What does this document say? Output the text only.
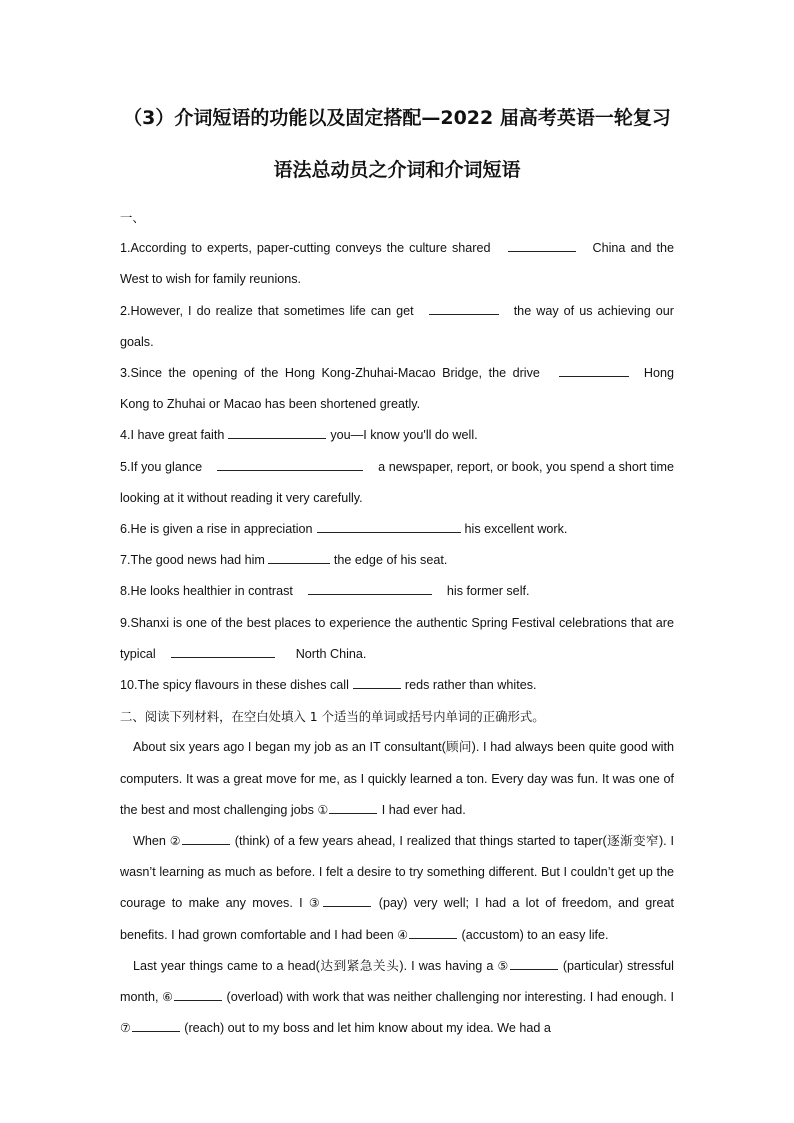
（3）介词短语的功能以及固定搭配—2022 届高考英语一轮复习

语法总动员之介词和介词短语

一、

1.According to experts, paper-cutting conveys the culture shared	China and the West to wish for family reunions.

2.However, I do realize that sometimes life can get	the way of us achieving our goals.

3.Since the opening of the Hong Kong-Zhuhai-Macao Bridge, the drive	Hong Kong to Zhuhai or Macao has been shortened greatly.

4.I have great faith	you—I know you'll do well.

5.If you glance	a newspaper, report, or book, you spend a short time looking at it without reading it very carefully.

6.He is given a rise in appreciation	his excellent work.

7.The good news had him	the edge of his seat.

8.He looks healthier in contrast	his former self.

9.Shanxi is one of the best places to experience the authentic Spring Festival celebrations that are typical	North China.

10.The spicy flavours in these dishes call	reds rather than whites.

二、阅读下列材料，在空白处填入 1 个适当的单词或括号内单词的正确形式。

About six years ago I began my job as an IT consultant(顾问). I had always been quite good with computers. It was a great move for me, as I quickly learned a ton. Every day was fun. It was one of the best and most challenging jobs ①	I had ever had.

When ②	(think) of a few years ahead, I realized that things started to taper(逐渐变窄). I wasn’t learning as much as before. I felt a desire to try something different. But I couldn’t get up the courage to make any moves. I ③	(pay) very well; I had a lot of freedom, and great benefits. I had grown comfortable and I had been ④	(accustom) to an easy life.

Last year things came to a head(达到紧急关头). I was having a ⑤	(particular) stressful month, ⑥	(overload) with work that was neither challenging nor interesting. I had enough. I ⑦	(reach) out to my boss and let him know about my idea. We had a
